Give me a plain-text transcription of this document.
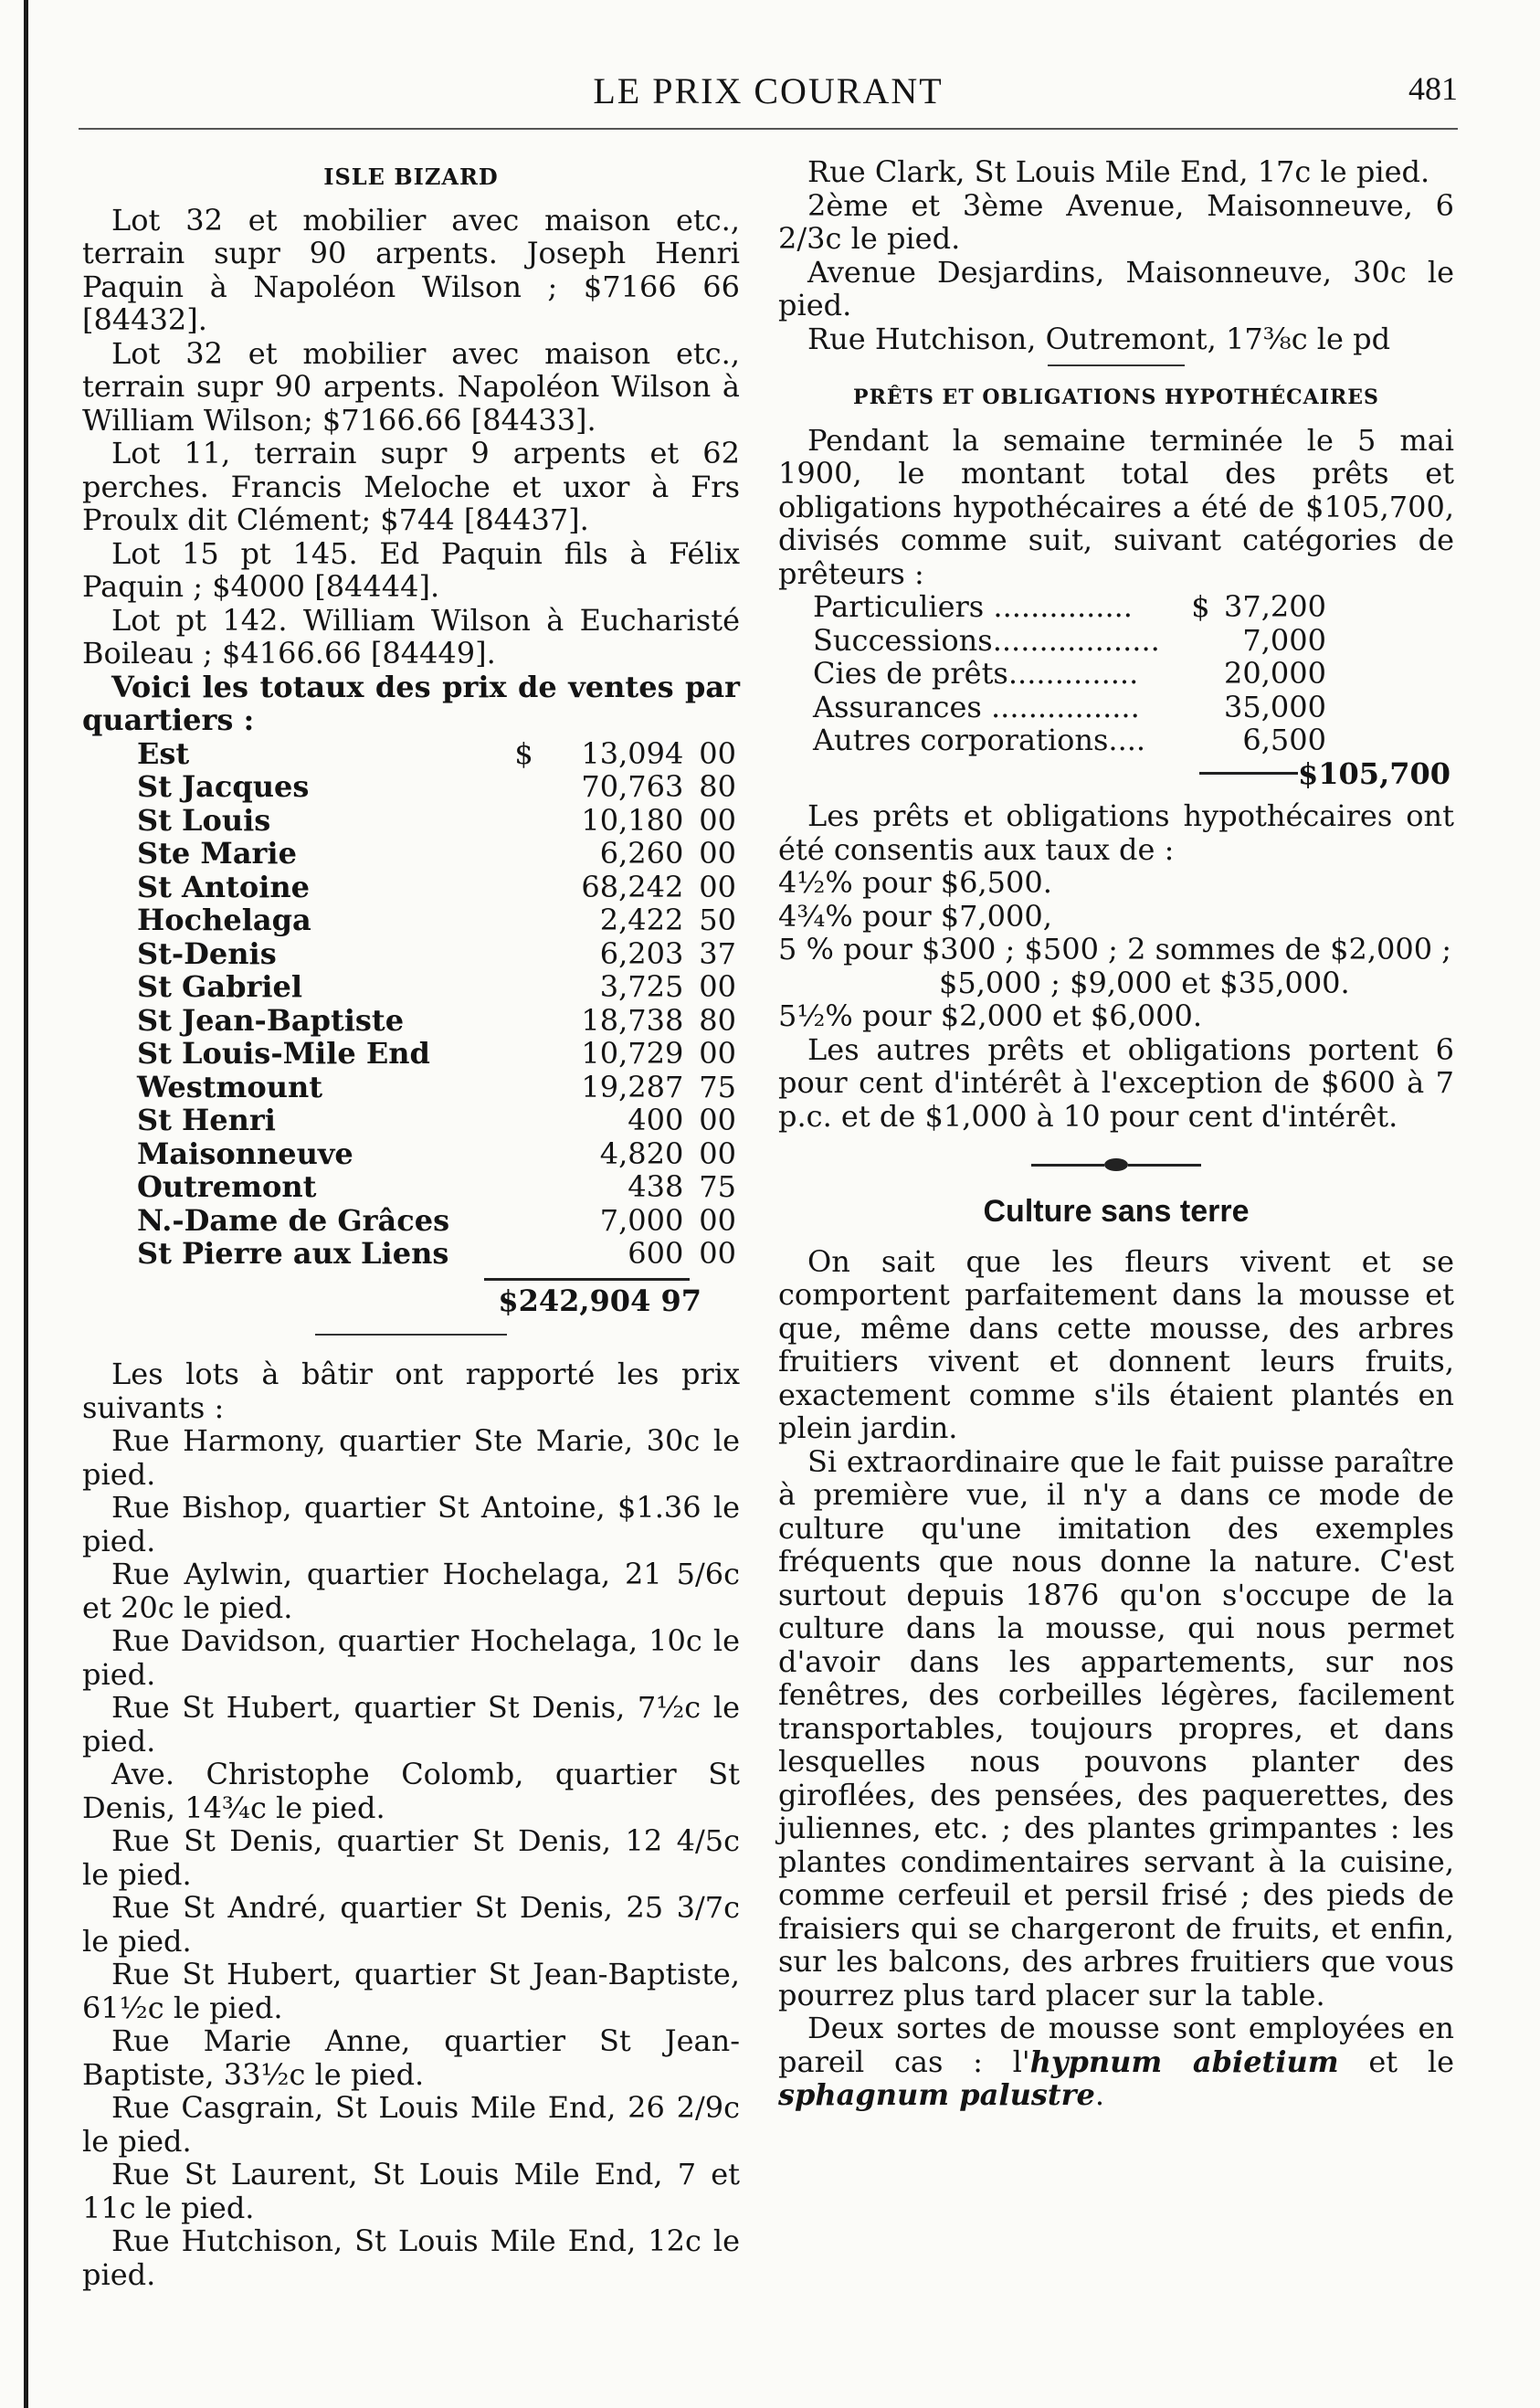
LE PRIX COURANT	481
ISLE BIZARD

Lot 32 et mobilier avec maison etc., terrain supr 90 arpents. Joseph Henri Paquin à Napoléon Wilson ; $7166 66 [84432].

Lot 32 et mobilier avec maison etc., terrain supr 90 arpents. Napoléon Wilson à William Wilson; $7166.66 [84433].

Lot 11, terrain supr 9 arpents et 62 perches. Francis Meloche et uxor à Frs Proulx dit Clément; $744 [84437].

Lot 15 pt 145. Ed Paquin fils à Félix Paquin ; $4000 [84444].

Lot pt 142. William Wilson à Eucharisté Boileau ; $4166.66 [84449].

Voici les totaux des prix de ventes par quartiers :

Est	$	13,094	00
St Jacques		70,763	80
St Louis		10,180	00
Ste Marie		6,260	00
St Antoine		68,242	00
Hochelaga		2,422	50
St-Denis		6,203	37
St Gabriel		3,725	00
St Jean-Baptiste		18,738	80
St Louis-Mile End		10,729	00
Westmount		19,287	75
St Henri		400	00
Maisonneuve		4,820	00
Outremont		438	75
N.-Dame de Grâces		7,000	00
St Pierre aux Liens		600	00
$242,904 97

Les lots à bâtir ont rapporté les prix suivants :

Rue Harmony, quartier Ste Marie, 30c le pied.

Rue Bishop, quartier St Antoine, $1.36 le pied.

Rue Aylwin, quartier Hochelaga, 21 5/6c et 20c le pied.

Rue Davidson, quartier Hochelaga, 10c le pied.

Rue St Hubert, quartier St Denis, 7½c le pied.

Ave. Christophe Colomb, quartier St Denis, 14¾c le pied.

Rue St Denis, quartier St Denis, 12 4/5c le pied.

Rue St André, quartier St Denis, 25 3/7c le pied.

Rue St Hubert, quartier St Jean-Baptiste, 61½c le pied.

Rue Marie Anne, quartier St Jean-Baptiste, 33½c le pied.

Rue Casgrain, St Louis Mile End, 26 2/9c le pied.

Rue St Laurent, St Louis Mile End, 7 et 11c le pied.

Rue Hutchison, St Louis Mile End, 12c le pied.

Rue Clark, St Louis Mile End, 17c le pied.

2ème et 3ème Avenue, Maisonneuve, 6 2/3c le pied.

Avenue Desjardins, Maisonneuve, 30c le pied.

Rue Hutchison, Outremont, 17⅜c le pd

PRÊTS ET OBLIGATIONS HYPOTHÉCAIRES

Pendant la semaine terminée le 5 mai 1900, le montant total des prêts et obligations hypothécaires a été de $105,700, divisés comme suit, suivant catégories de prêteurs :

Particuliers ...............	$	37,200
Successions..................		7,000
Cies de prêts..............		20,000
Assurances ................		35,000
Autres corporations....		6,500
$105,700

Les prêts et obligations hypothécaires ont été consentis aux taux de :

4½% pour $6,500.

4¾% pour $7,000,

5 % pour $300 ; $500 ; 2 sommes de $2,000 ;

$5,000 ; $9,000 et $35,000.

5½% pour $2,000 et $6,000.

Les autres prêts et obligations portent 6 pour cent d'intérêt à l'exception de $600 à 7 p.c. et de $1,000 à 10 pour cent d'intérêt.

Culture sans terre

On sait que les fleurs vivent et se comportent parfaitement dans la mousse et que, même dans cette mousse, des arbres fruitiers vivent et donnent leurs fruits, exactement comme s'ils étaient plantés en plein jardin.

Si extraordinaire que le fait puisse paraître à première vue, il n'y a dans ce mode de culture qu'une imitation des exemples fréquents que nous donne la nature. C'est surtout depuis 1876 qu'on s'occupe de la culture dans la mousse, qui nous permet d'avoir dans les appartements, sur nos fenêtres, des corbeilles légères, facilement transportables, toujours propres, et dans lesquelles nous pouvons planter des giroflées, des pensées, des paquerettes, des juliennes, etc. ; des plantes grimpantes : les plantes condimentaires servant à la cuisine, comme cerfeuil et persil frisé ; des pieds de fraisiers qui se chargeront de fruits, et enfin, sur les balcons, des arbres fruitiers que vous pourrez plus tard placer sur la table.

Deux sortes de mousse sont employées en pareil cas : l'hypnum abietium et le sphagnum palustre.
